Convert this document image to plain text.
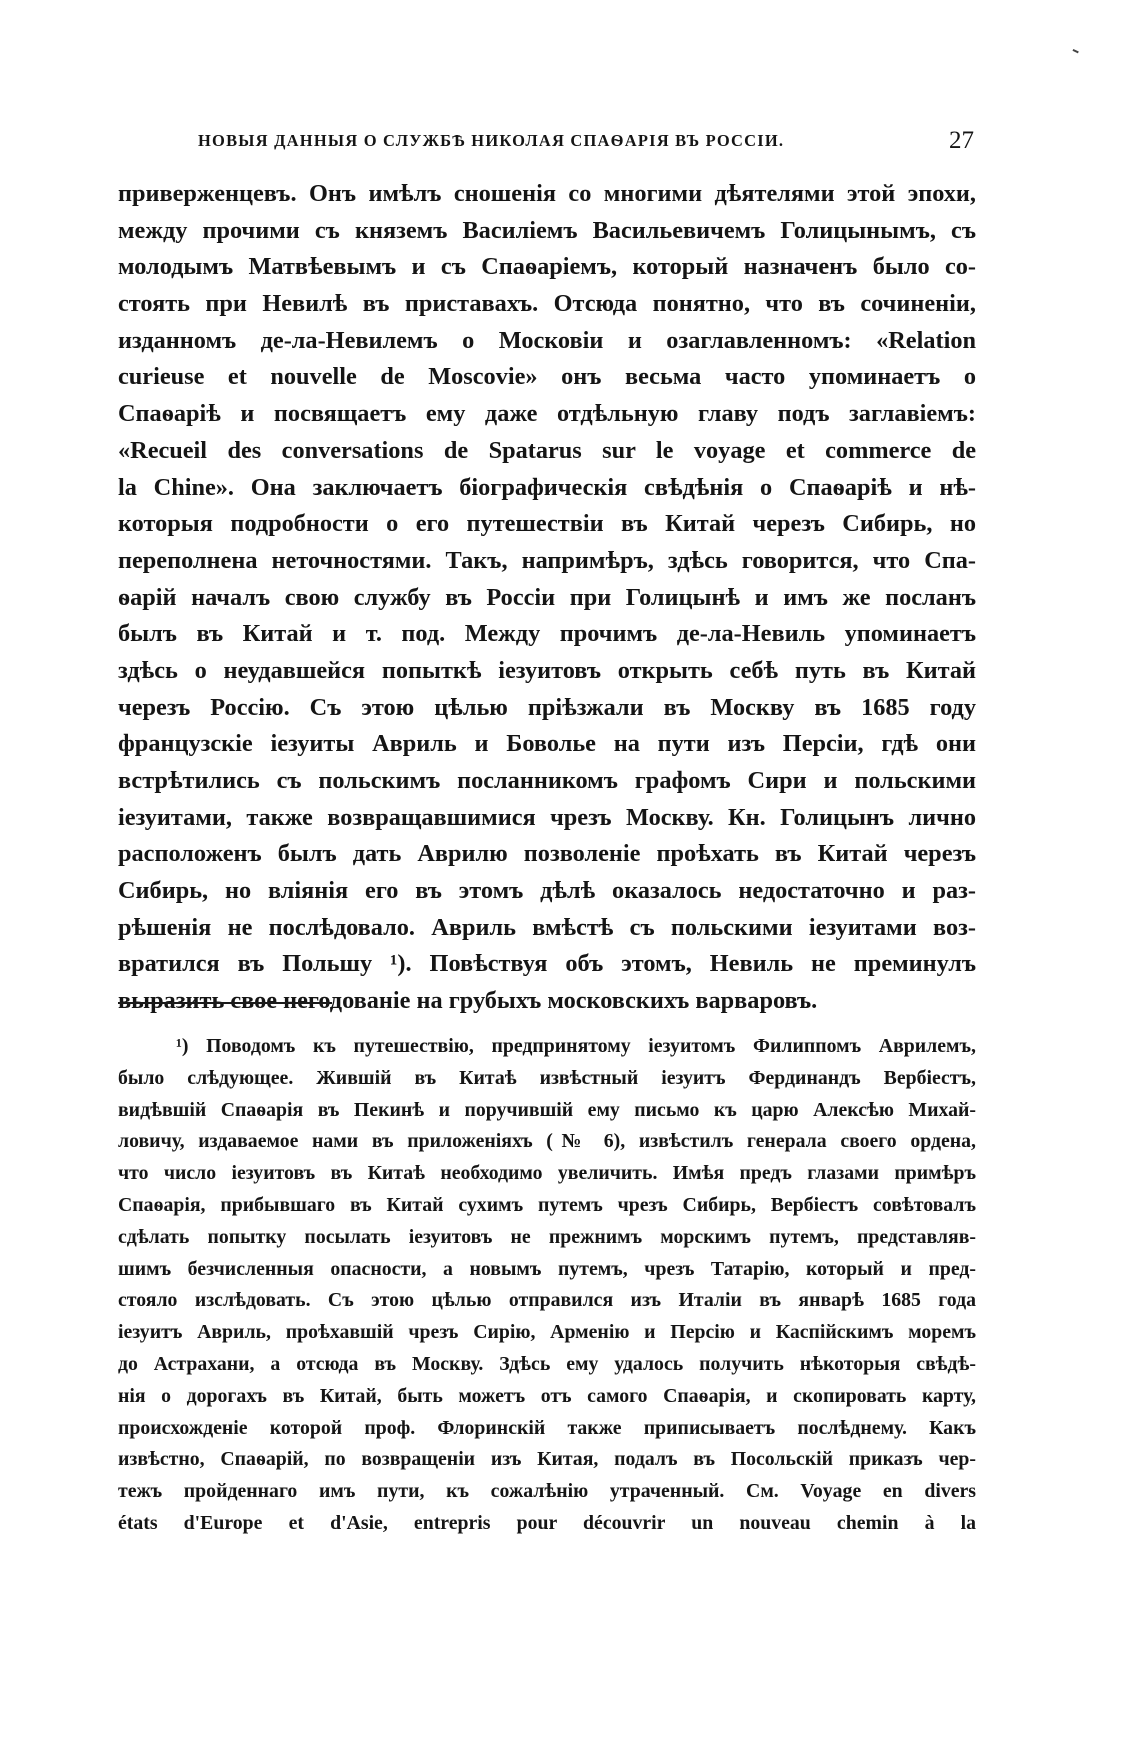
НОВЫЯ ДАННЫЯ О СЛУЖБѢ НИКОЛАЯ СПАѲАРІЯ ВЪ РОССІИ.	27
приверженцевъ. Онъ имѣлъ сношенія со многими дѣятелями этой эпохи,
между прочими съ княземъ Василіемъ Васильевичемъ Голицынымъ, съ
молодымъ Матвѣевымъ и съ Спаѳаріемъ, который назначенъ было со-
стоять при Невилѣ въ приставахъ. Отсюда понятно, что въ сочиненіи,
изданномъ де-ла-Невилемъ о Московіи и озаглавленномъ: «Relation
curieuse et nouvelle de Moscovie» онъ весьма часто упоминаетъ о
Спаѳаріѣ и посвящаетъ ему даже отдѣльную главу подъ заглавіемъ:
«Recueil des conversations de Spatarus sur le voyage et commerce de
la Chine». Она заключаетъ біографическія свѣдѣнія о Спаѳаріѣ и нѣ-
которыя подробности о его путешествіи въ Китай черезъ Сибирь, но
переполнена неточностями. Такъ, напримѣръ, здѣсь говорится, что Спа-
ѳарій началъ свою службу въ Россіи при Голицынѣ и имъ же посланъ
былъ въ Китай и т. под. Между прочимъ де-ла-Невиль упоминаетъ
здѣсь о неудавшейся попыткѣ іезуитовъ открыть себѣ путь въ Китай
черезъ Россію. Съ этою цѣлью пріѣзжали въ Москву въ 1685 году
французскіе іезуиты Авриль и Боволье на пути изъ Персіи, гдѣ они
встрѣтились съ польскимъ посланникомъ графомъ Сири и польскими
іезуитами, также возвращавшимися чрезъ Москву. Кн. Голицынъ лично
расположенъ былъ дать Аврилю позволеніе проѣхать въ Китай черезъ
Сибирь, но вліянія его въ этомъ дѣлѣ оказалось недостаточно и раз-
рѣшенія не послѣдовало. Авриль вмѣстѣ съ польскими іезуитами воз-
вратился въ Польшу ¹). Повѣствуя объ этомъ, Невиль не преминулъ
выразить свое негодованіе на грубыхъ московскихъ варваровъ.
¹) Поводомъ къ путешествію, предпринятому іезуитомъ Филиппомъ Аврилемъ,
было слѣдующее. Жившій въ Китаѣ извѣстный іезуитъ Фердинандъ Вербіестъ,
видѣвшій Спаѳарія въ Пекинѣ и поручившій ему письмо къ царю Алексѣю Михай-
ловичу, издаваемое нами въ приложеніяхъ (№ 6), извѣстилъ генерала своего ордена,
что число іезуитовъ въ Китаѣ необходимо увеличить. Имѣя предъ глазами примѣръ
Спаѳарія, прибывшаго въ Китай сухимъ путемъ чрезъ Сибирь, Вербіестъ совѣтовалъ
сдѣлать попытку посылать іезуитовъ не прежнимъ морскимъ путемъ, представляв-
шимъ безчисленныя опасности, а новымъ путемъ, чрезъ Татарію, который и пред-
стояло изслѣдовать. Съ этою цѣлью отправился изъ Италіи въ январѣ 1685 года
іезуитъ Авриль, проѣхавшій чрезъ Сирію, Арменію и Персію и Каспійскимъ моремъ
до Астрахани, а отсюда въ Москву. Здѣсь ему удалось получить нѣкоторыя свѣдѣ-
нія о дорогахъ въ Китай, быть можетъ отъ самого Спаѳарія, и скопировать карту,
происхожденіе которой проф. Флоринскій также приписываетъ послѣднему. Какъ
извѣстно, Спаѳарій, по возвращеніи изъ Китая, подалъ въ Посольскій приказъ чер-
тежъ пройденнаго имъ пути, къ сожалѣнію утраченный. См. Voyage en divers
états d'Europe et d'Asie, entrepris pour découvrir un nouveau chemin à la
